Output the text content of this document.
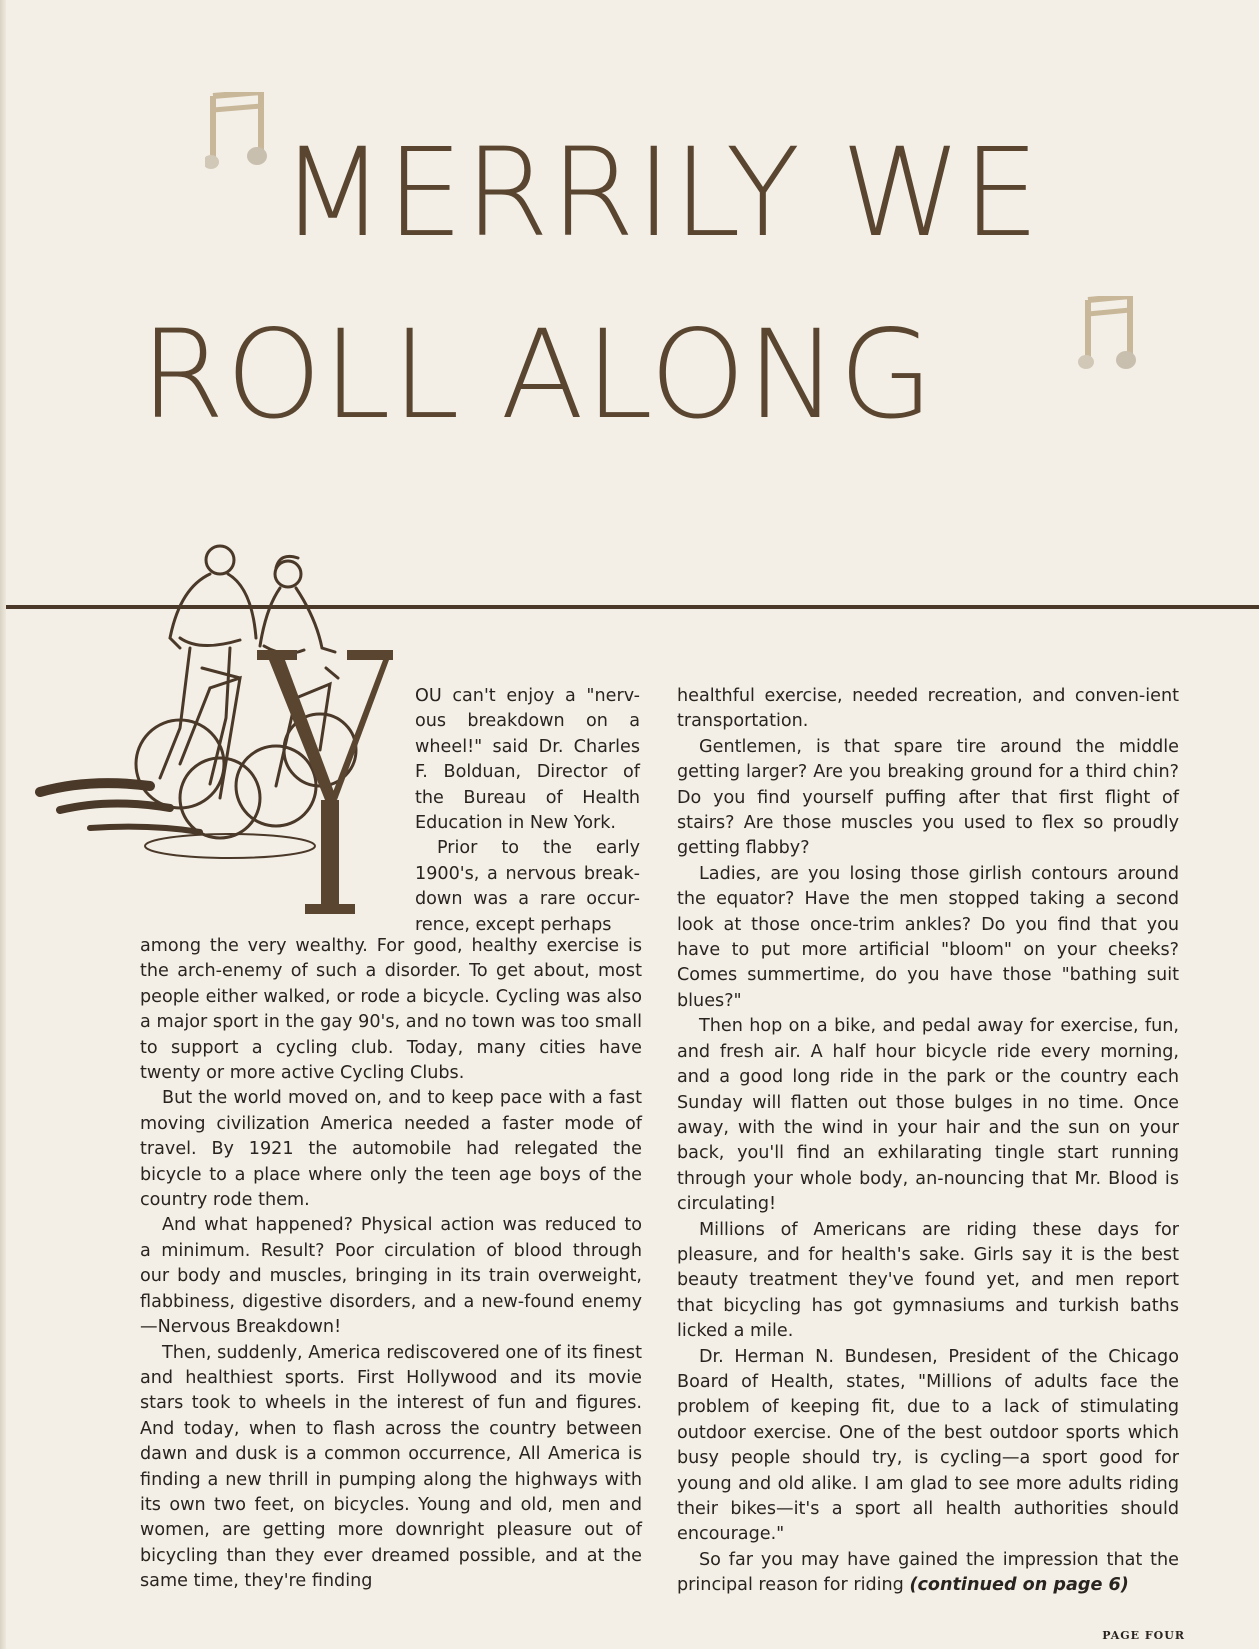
MERRILY WE
ROLL ALONG

OU can't enjoy a "nerv-ous breakdown on a wheel!" said Dr. Charles F. Bolduan, Director of the Bureau of Health Education in New York.

Prior to the early 1900's, a nervous break-down was a rare occur-rence, except perhaps

among the very wealthy. For good, healthy exercise is the arch-enemy of such a disorder. To get about, most people either walked, or rode a bicycle. Cycling was also a major sport in the gay 90's, and no town was too small to support a cycling club. Today, many cities have twenty or more active Cycling Clubs.

But the world moved on, and to keep pace with a fast moving civilization America needed a faster mode of travel. By 1921 the automobile had relegated the bicycle to a place where only the teen age boys of the country rode them.

And what happened? Physical action was reduced to a minimum. Result? Poor circulation of blood through our body and muscles, bringing in its train overweight, flabbiness, digestive disorders, and a new-found enemy—Nervous Breakdown!

Then, suddenly, America rediscovered one of its finest and healthiest sports. First Hollywood and its movie stars took to wheels in the interest of fun and figures. And today, when to flash across the country between dawn and dusk is a common occurrence, All America is finding a new thrill in pumping along the highways with its own two feet, on bicycles. Young and old, men and women, are getting more downright pleasure out of bicycling than they ever dreamed possible, and at the same time, they're finding

healthful exercise, needed recreation, and conven-ient transportation.

Gentlemen, is that spare tire around the middle getting larger? Are you breaking ground for a third chin? Do you find yourself puffing after that first flight of stairs? Are those muscles you used to flex so proudly getting flabby?

Ladies, are you losing those girlish contours around the equator? Have the men stopped taking a second look at those once-trim ankles? Do you find that you have to put more artificial "bloom" on your cheeks? Comes summertime, do you have those "bathing suit blues?"

Then hop on a bike, and pedal away for exercise, fun, and fresh air. A half hour bicycle ride every morning, and a good long ride in the park or the country each Sunday will flatten out those bulges in no time. Once away, with the wind in your hair and the sun on your back, you'll find an exhilarating tingle start running through your whole body, an-nouncing that Mr. Blood is circulating!

Millions of Americans are riding these days for pleasure, and for health's sake. Girls say it is the best beauty treatment they've found yet, and men report that bicycling has got gymnasiums and turkish baths licked a mile.

Dr. Herman N. Bundesen, President of the Chicago Board of Health, states, "Millions of adults face the problem of keeping fit, due to a lack of stimulating outdoor exercise. One of the best outdoor sports which busy people should try, is cycling—a sport good for young and old alike. I am glad to see more adults riding their bikes—it's a sport all health authorities should encourage."

So far you may have gained the impression that the principal reason for riding (continued on page 6)

PAGE FOUR
